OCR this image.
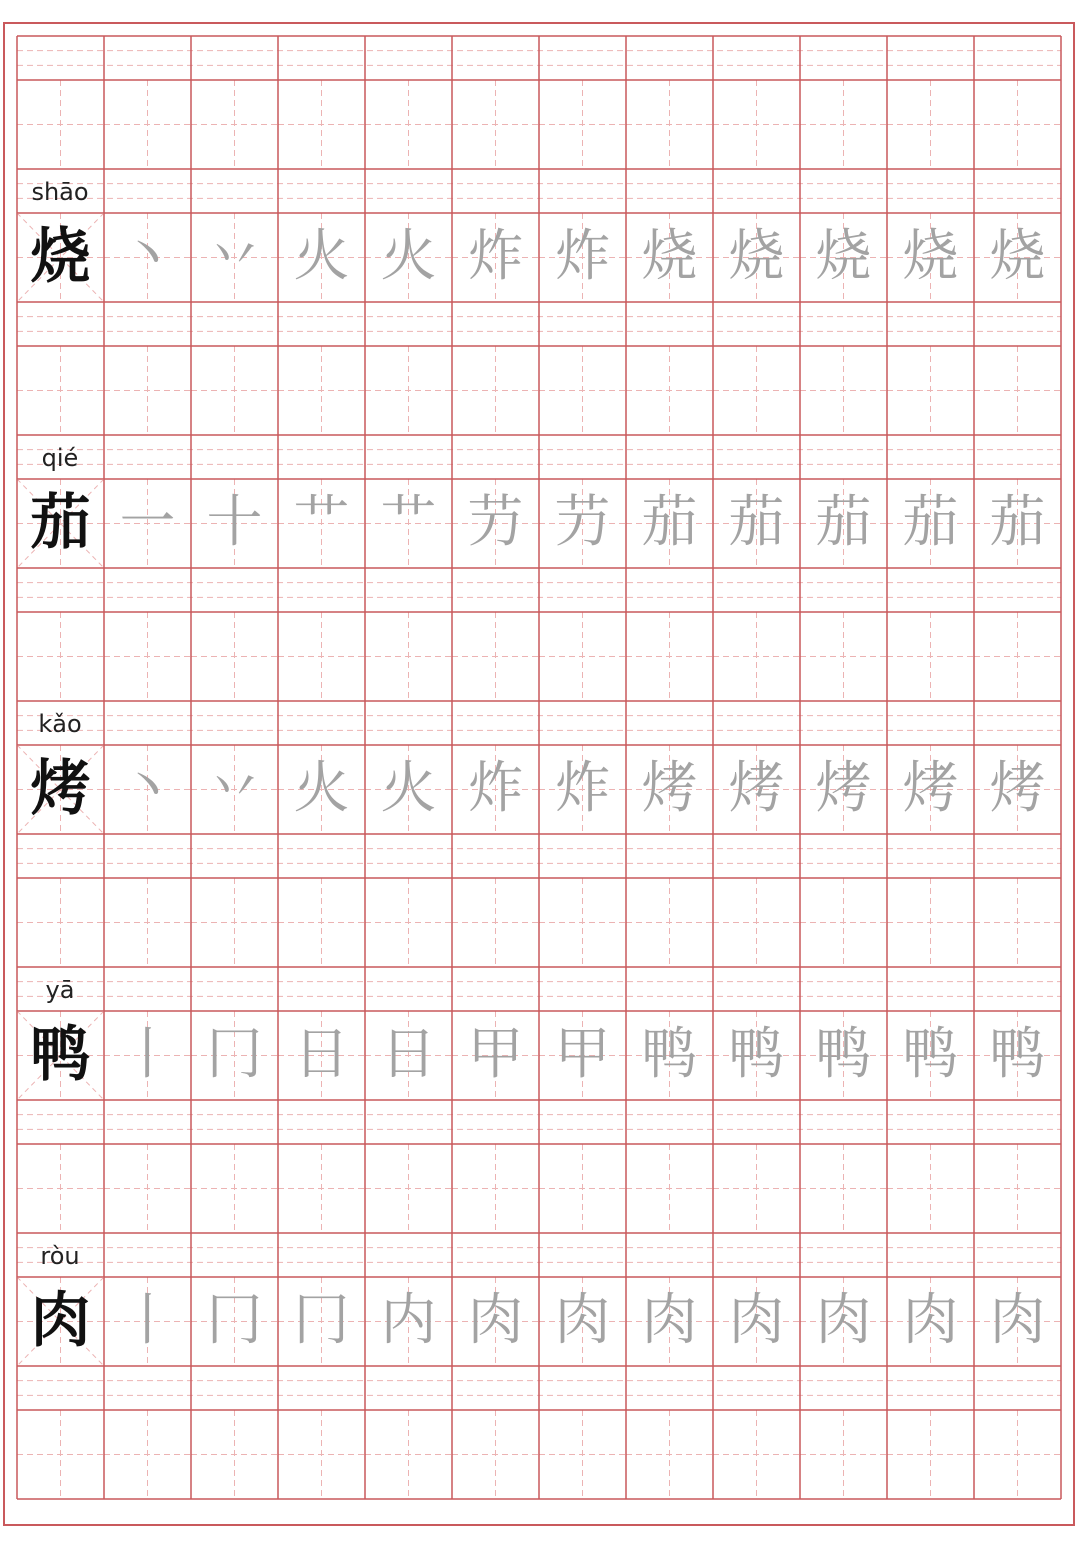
shāo
烧 丶 丷 火 火 炸 炸 烧 烧 烧 烧 烧
qié
茄 一 十 艹 艹 芀 芀 茄 茄 茄 茄 茄
kǎo
烤 丶 丷 火 火 炸 炸 烤 烤 烤 烤 烤
yā
鸭 丨 冂 日 日 甲 甲 鸭 鸭 鸭 鸭 鸭
ròu
肉 丨 冂 冂 内 肉 肉 肉 肉 肉 肉 肉
